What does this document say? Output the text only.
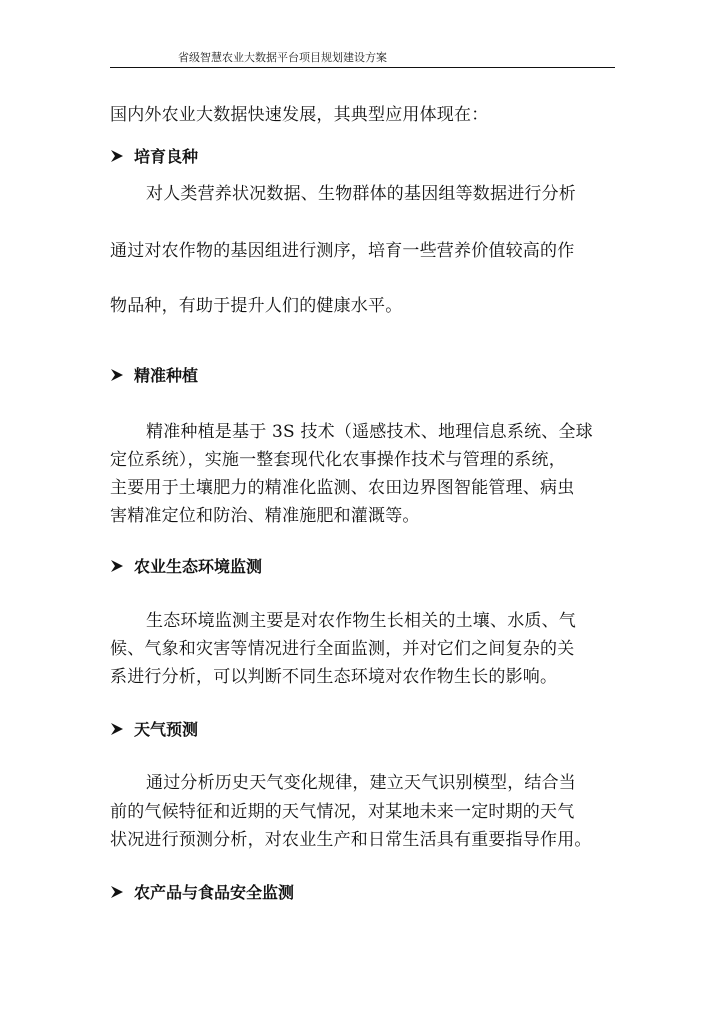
省级智慧农业大数据平台项目规划建设方案
国内外农业大数据快速发展，其典型应用体现在：
培育良种
对人类营养状况数据、生物群体的基因组等数据进行分析
通过对农作物的基因组进行测序，培育一些营养价值较高的作
物品种，有助于提升人们的健康水平。
精准种植
精准种植是基于 3S 技术（遥感技术、地理信息系统、全球
定位系统），实施一整套现代化农事操作技术与管理的系统，
主要用于土壤肥力的精准化监测、农田边界图智能管理、病虫
害精准定位和防治、精准施肥和灌溉等。
农业生态环境监测
生态环境监测主要是对农作物生长相关的土壤、水质、气
候、气象和灾害等情况进行全面监测，并对它们之间复杂的关
系进行分析，可以判断不同生态环境对农作物生长的影响。
天气预测
通过分析历史天气变化规律，建立天气识别模型，结合当
前的气候特征和近期的天气情况，对某地未来一定时期的天气
状况进行预测分析，对农业生产和日常生活具有重要指导作用。
农产品与食品安全监测
